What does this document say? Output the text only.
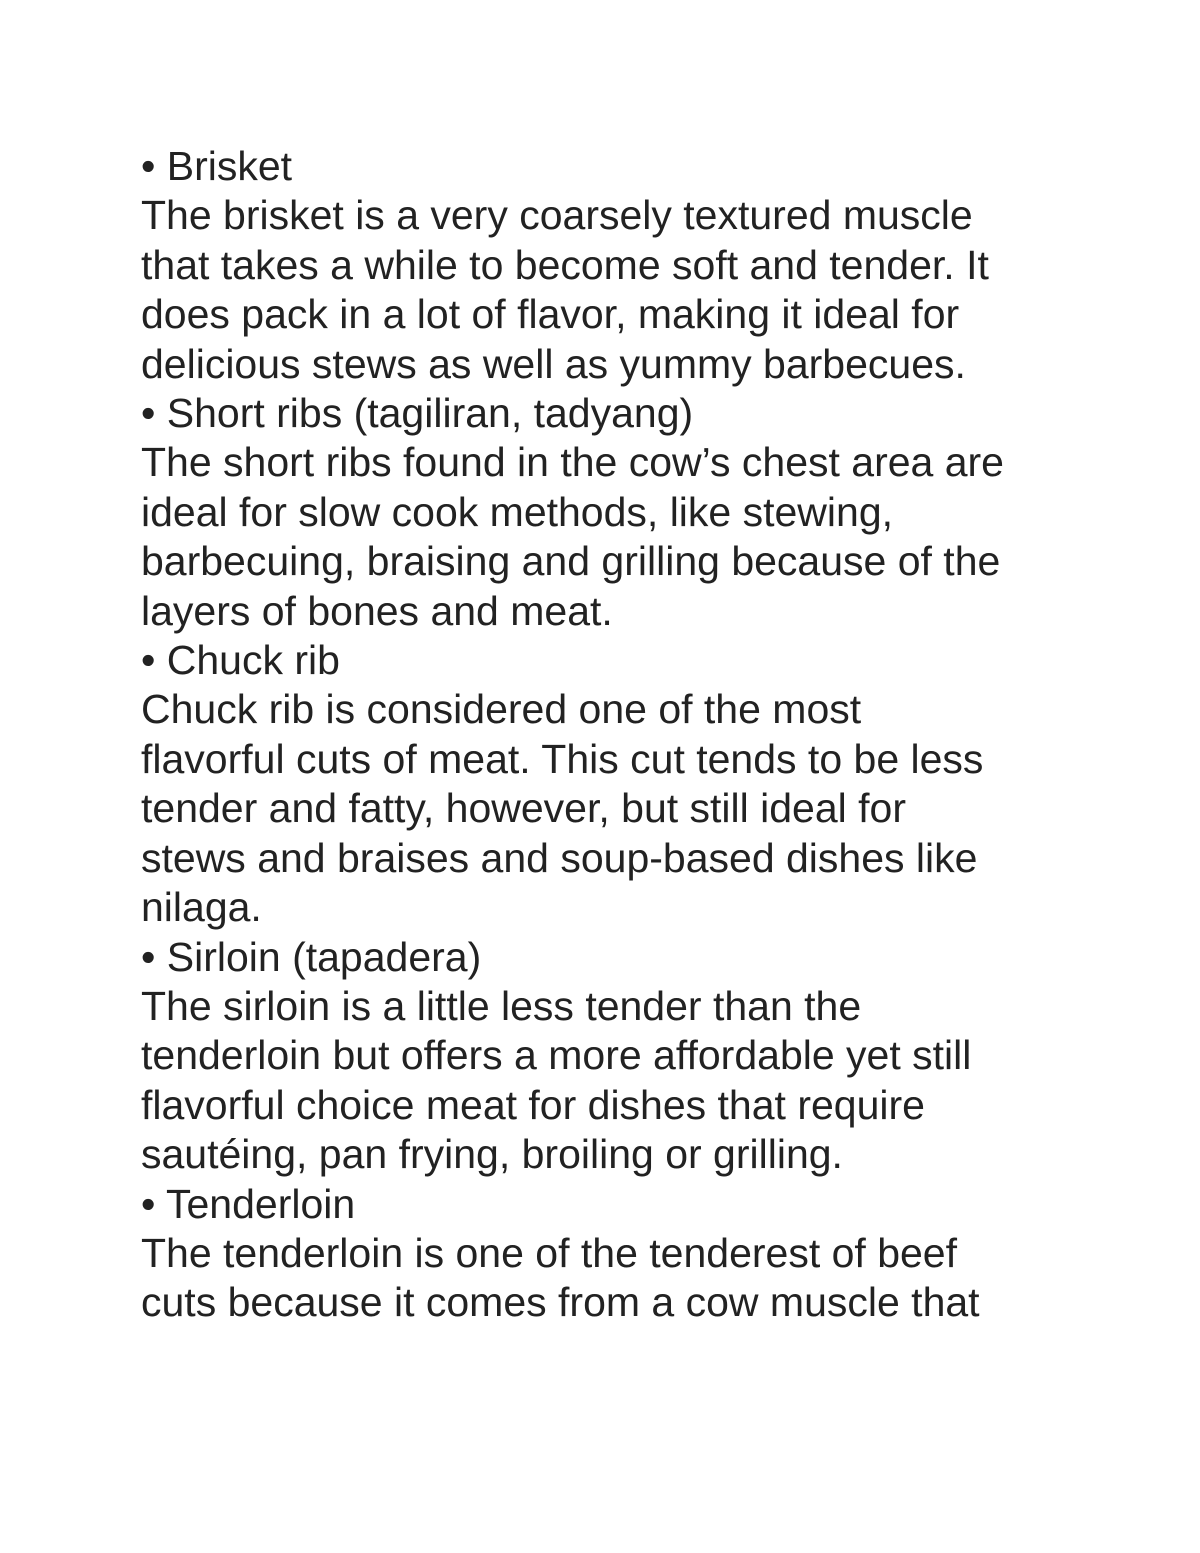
• Brisket

The brisket is a very coarsely textured muscle

that takes a while to become soft and tender. It

does pack in a lot of flavor, making it ideal for

delicious stews as well as yummy barbecues.

• Short ribs (tagiliran, tadyang)

The short ribs found in the cow’s chest area are

ideal for slow cook methods, like stewing,

barbecuing, braising and grilling because of the

layers of bones and meat.

• Chuck rib

Chuck rib is considered one of the most

flavorful cuts of meat. This cut tends to be less

tender and fatty, however, but still ideal for

stews and braises and soup-based dishes like

nilaga.

• Sirloin (tapadera)

The sirloin is a little less tender than the

tenderloin but offers a more affordable yet still

flavorful choice meat for dishes that require

sautéing, pan frying, broiling or grilling.

• Tenderloin

The tenderloin is one of the tenderest of beef

cuts because it comes from a cow muscle that
